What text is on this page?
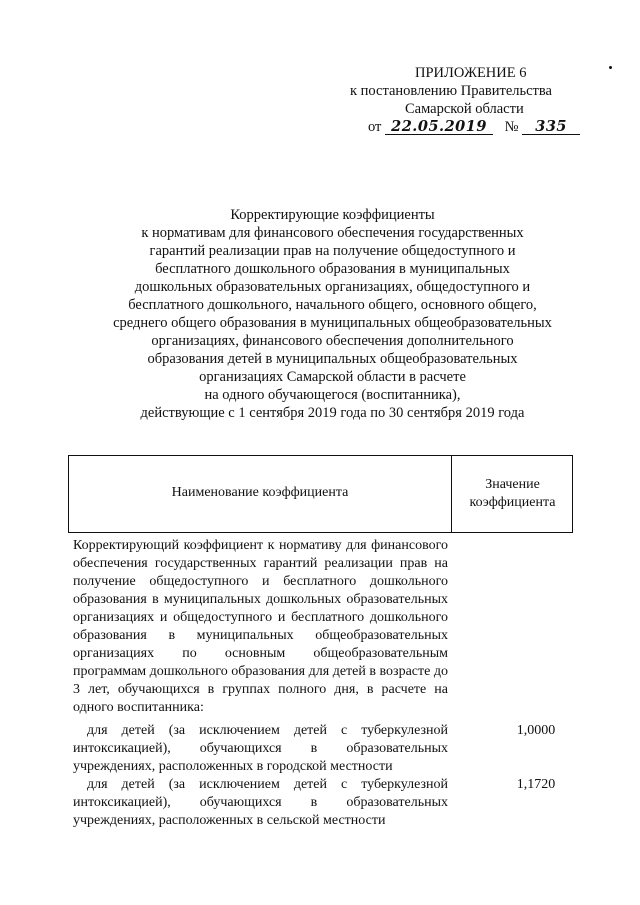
ПРИЛОЖЕНИЕ 6
к постановлению Правительства
Самарской области
от 22.05.2019 № 335
Корректирующие коэффициенты
к нормативам для финансового обеспечения государственных
гарантий реализации прав на получение общедоступного и
бесплатного дошкольного образования в муниципальных
дошкольных образовательных организациях, общедоступного и
бесплатного дошкольного, начального общего, основного общего,
среднего общего образования в муниципальных общеобразовательных
организациях, финансового обеспечения дополнительного
образования детей в муниципальных общеобразовательных
организациях Самарской области в расчете
на одного обучающегося (воспитанника),
действующие с 1 сентября 2019 года по 30 сентября 2019 года
Наименование коэффициента
Значение
коэффициента
Корректирующий коэффициент к нормативу для финансового обеспечения государственных гарантий реализации прав на получение общедоступного и бесплатного дошкольного образования в муниципальных дошкольных образовательных организациях и общедоступного и бесплатного дошкольного образования в муниципальных общеобразовательных организациях по основным общеобразовательным программам дошкольного образования для детей в возрасте до 3 лет, обучающихся в группах полного дня, в расчете на одного воспитанника:
для детей (за исключением детей с туберкулезной интоксикацией), обучающихся в образовательных учреждениях, расположенных в городской местности
1,0000
для детей (за исключением детей с туберкулезной интоксикацией), обучающихся в образовательных учреждениях, расположенных в сельской местности
1,1720
